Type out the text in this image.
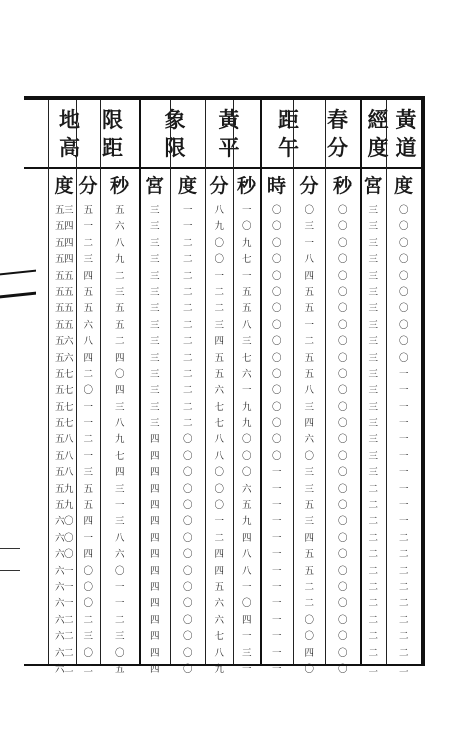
地 限
高 距
象 黃
限 平
距 春
午 分
經 黃
度 道
度 分 秒 宮 度 分 秒 時 分 秒 宮 度
五三
五四
五四
五四
五五
五五
五五
五五
五六
五六
五七
五七
五七
五七
五八
五八
五八
五九
五九
六〇
六〇
六〇
六一
六一
六一
六二
六二
六二
六二
五
一
二
三
四
五
五
六
八
四
二
〇
一
一
二
一
三
五
五
四
一
四
〇
〇
〇
二
三
〇
二
五
六
八
九
二
三
五
五
二
四
〇
四
三
八
九
七
四
三
一
三
八
六
〇
一
一
二
三
〇
五
三
三
三
三
三
三
三
三
三
三
三
三
三
三
四
四
四
四
四
四
四
四
四
四
四
四
四
四
四
一
一
二
二
二
二
二
二
二
二
二
二
二
二
〇
〇
〇
〇
〇
〇
〇
〇
〇
〇
〇
〇
〇
〇
〇
八
九
〇
〇
一
二
二
三
四
五
五
六
七
七
八
八
〇
〇
〇
一
二
四
四
五
六
六
七
八
九
一
〇
九
七
一
五
五
八
三
七
六
一
九
九
〇
〇
〇
六
五
九
四
八
八
一
〇
四
一
三
一
〇
〇
〇
〇
〇
〇
〇
〇
〇
〇
〇
〇
〇
〇
〇
〇
一
一
一
一
一
一
一
一
一
一
一
一
一
〇
三
一
八
四
五
五
一
二
五
五
八
三
四
六
〇
三
三
五
三
四
五
五
二
二
〇
〇
四
〇
〇
〇
〇
〇
〇
〇
〇
〇
〇
〇
〇
〇
〇
〇
〇
〇
〇
〇
〇
〇
〇
〇
〇
〇
〇
〇
〇
〇
〇
三
三
三
三
三
三
三
三
三
三
三
三
三
三
三
三
三
二
二
二
二
二
二
二
二
二
二
二
二
〇
〇
〇
〇
〇
〇
〇
〇
〇
〇
一
一
一
一
一
一
一
一
一
一
二
二
二
二
二
二
二
二
二
